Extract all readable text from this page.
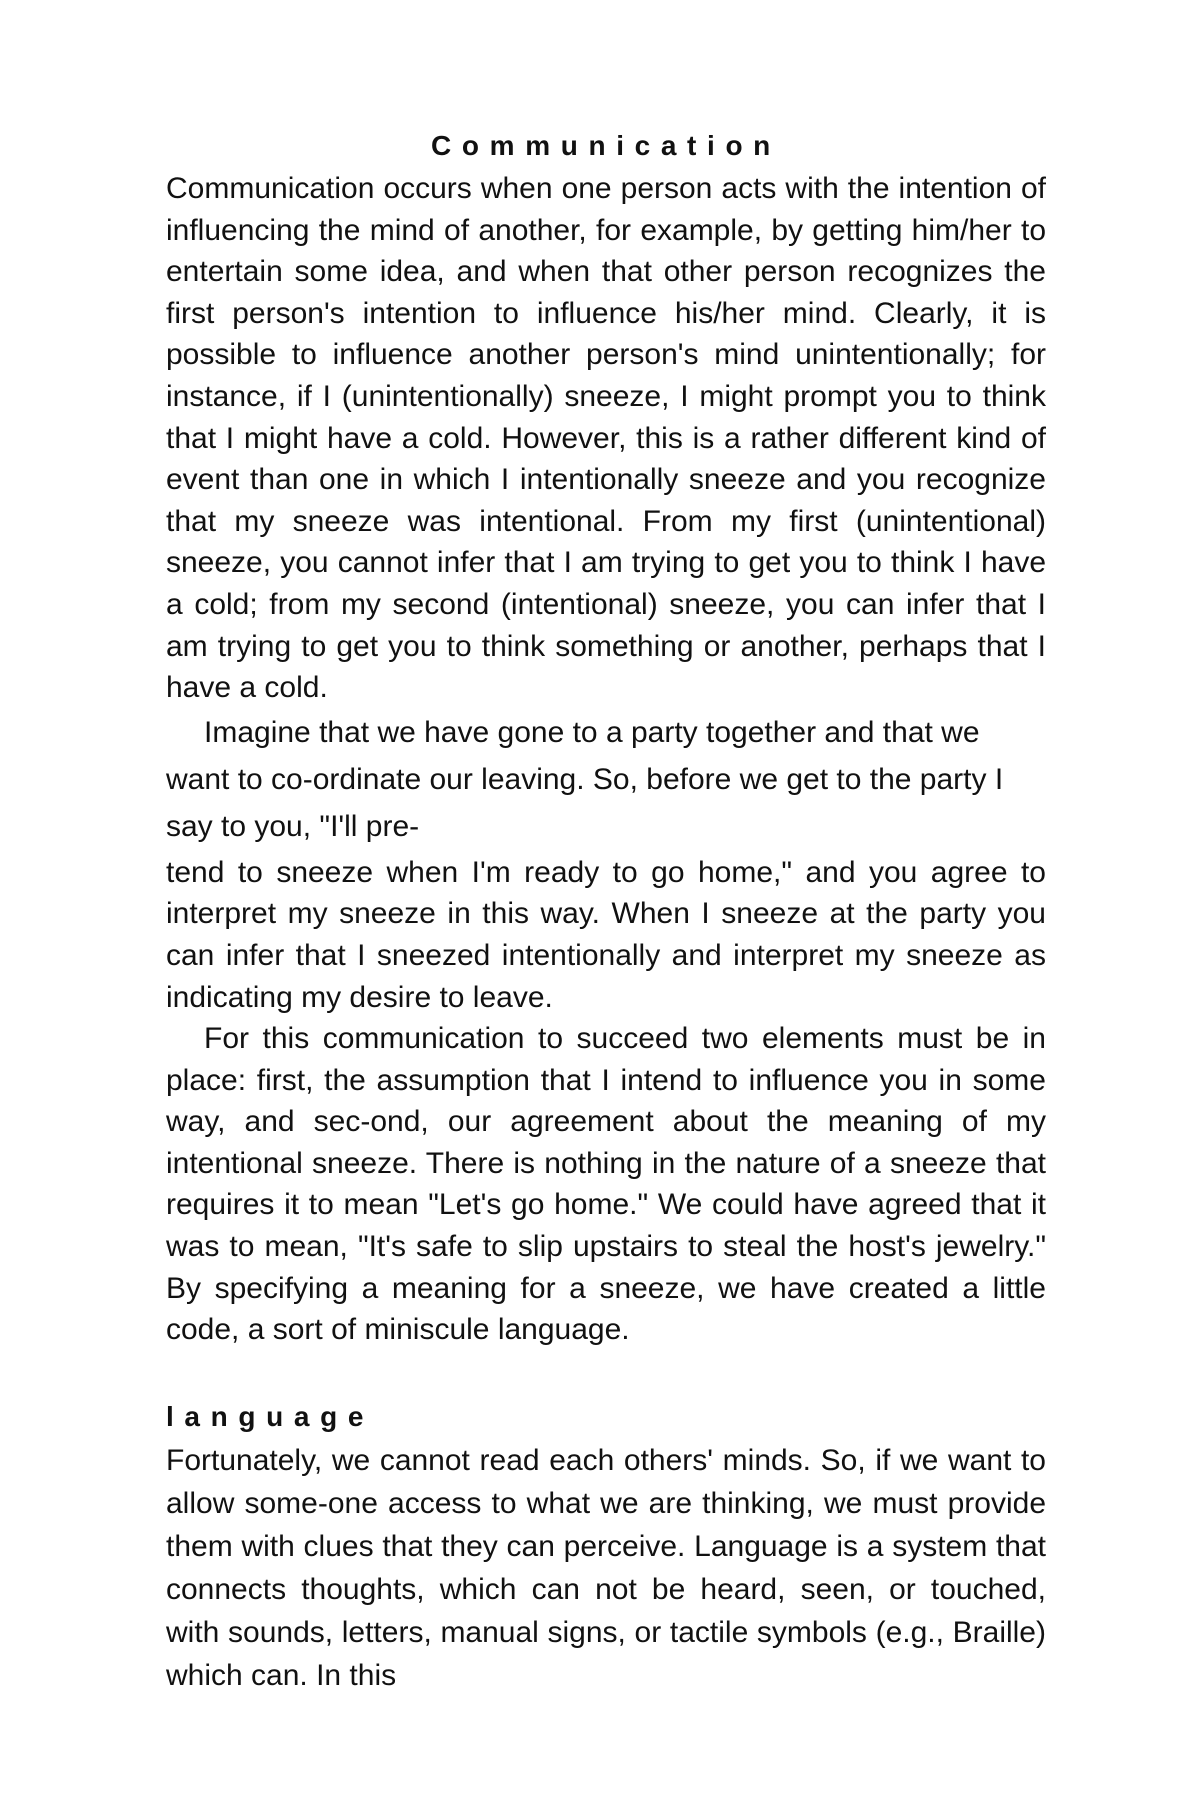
Communication

Communication occurs when one person acts with the intention of influencing the mind of another, for example, by getting him/her to entertain some idea, and when that other person recognizes the first person's intention to influence his/her mind. Clearly, it is possible to influence another person's mind unintentionally; for instance, if I (unintentionally) sneeze, I might prompt you to think that I might have a cold. However, this is a rather different kind of event than one in which I intentionally sneeze and you recognize that my sneeze was intentional. From my first (unintentional) sneeze, you cannot infer that I am trying to get you to think I have a cold; from my second (intentional) sneeze, you can infer that I am trying to get you to think something or another, perhaps that I have a cold.

Imagine that we have gone to a party together and that we want to co-ordinate our leaving. So, before we get to the party I say to you, "I'll pre-

tend to sneeze when I'm ready to go home," and you agree to interpret my sneeze in this way. When I sneeze at the party you can infer that I sneezed intentionally and interpret my sneeze as indicating my desire to leave.

For this communication to succeed two elements must be in place: first, the assumption that I intend to influence you in some way, and sec-ond, our agreement about the meaning of my intentional sneeze. There is nothing in the nature of a sneeze that requires it to mean "Let's go home." We could have agreed that it was to mean, "It's safe to slip upstairs to steal the host's jewelry." By specifying a meaning for a sneeze, we have created a little code, a sort of miniscule language.

language

Fortunately, we cannot read each others' minds. So, if we want to allow some-one access to what we are thinking, we must provide them with clues that they can perceive. Language is a system that connects thoughts, which can not be heard, seen, or touched, with sounds, letters, manual signs, or tactile symbols (e.g., Braille) which can. In this
